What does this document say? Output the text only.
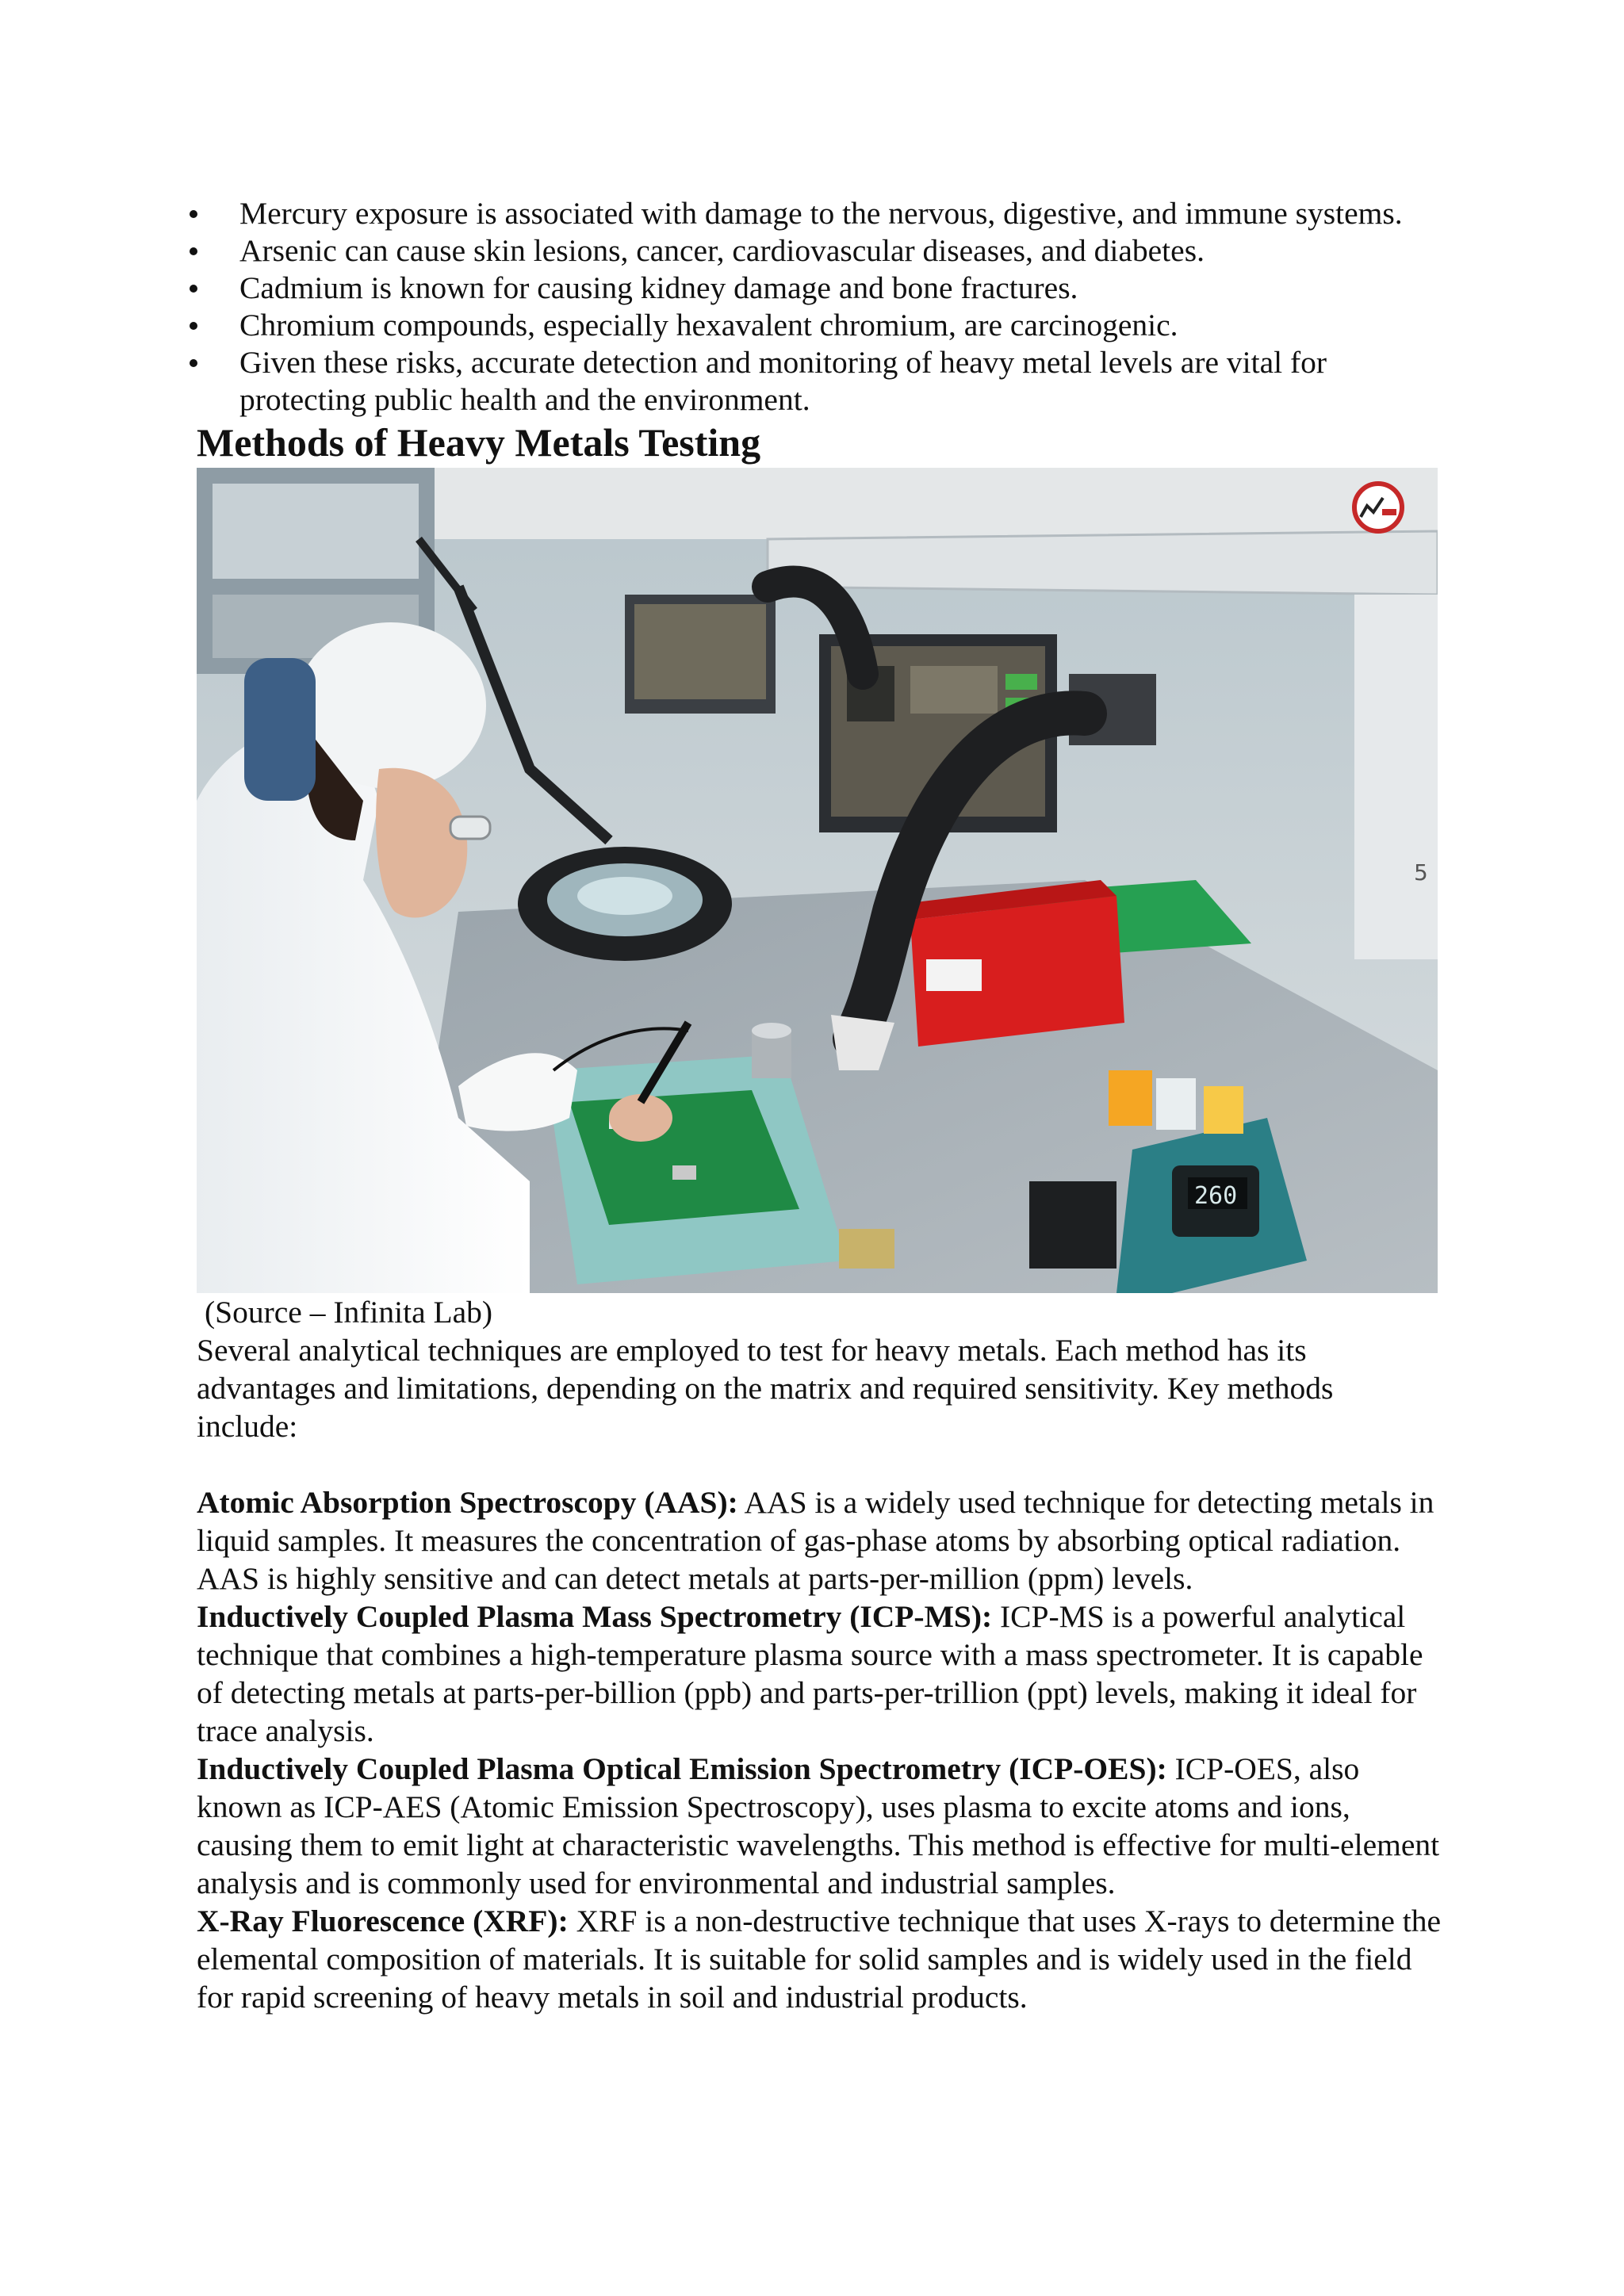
Mercury exposure is associated with damage to the nervous, digestive, and immune systems.
Arsenic can cause skin lesions, cancer, cardiovascular diseases, and diabetes.
Cadmium is known for causing kidney damage and bone fractures.
Chromium compounds, especially hexavalent chromium, are carcinogenic.
Given these risks, accurate detection and monitoring of heavy metal levels are vital for protecting public health and the environment.
Methods of Heavy Metals Testing
260
5
(Source – Infinita Lab)

Several analytical techniques are employed to test for heavy metals. Each method has its advantages and limitations, depending on the matrix and required sensitivity. Key methods include:

Atomic Absorption Spectroscopy (AAS): AAS is a widely used technique for detecting metals in liquid samples. It measures the concentration of gas-phase atoms by absorbing optical radiation. AAS is highly sensitive and can detect metals at parts-per-million (ppm) levels.

Inductively Coupled Plasma Mass Spectrometry (ICP-MS): ICP-MS is a powerful analytical technique that combines a high-temperature plasma source with a mass spectrometer. It is capable of detecting metals at parts-per-billion (ppb) and parts-per-trillion (ppt) levels, making it ideal for trace analysis.

Inductively Coupled Plasma Optical Emission Spectrometry (ICP-OES): ICP-OES, also known as ICP-AES (Atomic Emission Spectroscopy), uses plasma to excite atoms and ions, causing them to emit light at characteristic wavelengths. This method is effective for multi-element analysis and is commonly used for environmental and industrial samples.

X-Ray Fluorescence (XRF): XRF is a non-destructive technique that uses X-rays to determine the elemental composition of materials. It is suitable for solid samples and is widely used in the field for rapid screening of heavy metals in soil and industrial products.
